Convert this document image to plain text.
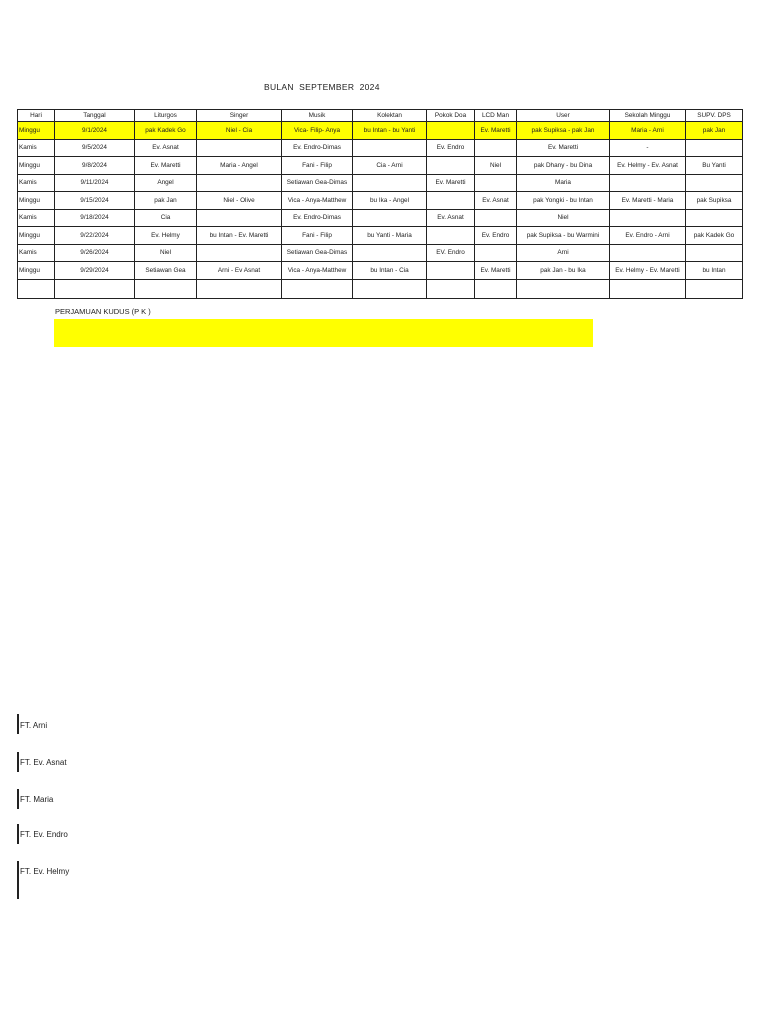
BULAN  SEPTEMBER  2024
Hari	Tanggal	Liturgos	Singer	Musik	Kolektan	Pokok Doa	LCD Man	User	Sekolah Minggu	SUPV. DPS
Minggu	9/1/2024	pak Kadek Go	Niel - Cia	Vica- Filip- Anya	bu Intan - bu Yanti		Ev. Maretti	pak Supiksa - pak Jan	Maria - Arni	pak Jan
Kamis	9/5/2024	Ev. Asnat		Ev. Endro-Dimas		Ev. Endro		Ev. Maretti	-	
Minggu	9/8/2024	Ev. Maretti	Maria - Angel	Fani - Filip	Cia - Arni		Niel	pak Dhany - bu Dina	Ev. Helmy - Ev. Asnat	Bu Yanti
Kamis	9/11/2024	Angel		Setiawan Gea-Dimas		Ev. Maretti		Maria		
Minggu	9/15/2024	pak Jan	Niel - Olive	Vica - Anya-Matthew	bu Ika - Angel		Ev. Asnat	pak Yongki - bu Intan	Ev. Maretti - Maria	pak Supiksa
Kamis	9/18/2024	Cia		Ev. Endro-Dimas		Ev. Asnat		Niel		
Minggu	9/22/2024	Ev. Helmy	bu Intan - Ev. Maretti	Fani - Filip	bu Yanti - Maria		Ev. Endro	pak Supiksa - bu Warmini	Ev. Endro - Arni	pak Kadek Go
Kamis	9/26/2024	Niel		Setiawan Gea-Dimas		EV. Endro		Arni		
Minggu	9/29/2024	Setiawan Gea	Arni - Ev Asnat	Vica - Anya-Matthew	bu Intan - Cia		Ev. Maretti	pak Jan - bu Ika	Ev. Helmy - Ev. Maretti	bu Intan

PERJAMUAN KUDUS (P K )
FT. Arni
FT. Ev. Asnat
FT. Maria
FT. Ev. Endro
FT. Ev. Helmy
